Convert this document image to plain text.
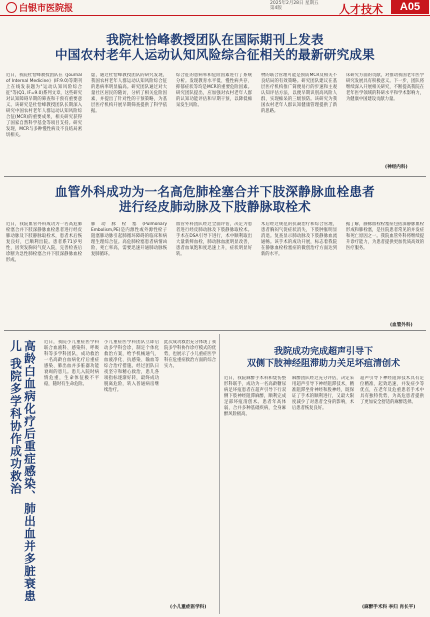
白银市医院报
2025年2月28日 星期五
第4版	人才技术	A05
我院杜恰峰教授团队在国际期刊上发表
中国农村老年人运动认知风险综合征相关的最新研究成果
近日，我院杜恰峰教授团队在《Journal of Internal Medicine》(IF:9.0)等期刊上在线发表题为"运动认知风险综合征"等(Q1, IF=9.0)系列文章，这些研究对认知障碍早期的筛查和干预有重要意义。该研究是杜恰峰教授团队长期深入研究中国农村老年人群运动认知风险综合征(MCR)的重要成果，相关研究获得了国家自然科学基金等项目支持。研究发现，MCR与多种慢性病及不良结局密切相关。
虚，通过杜恰峰教授团队的研究发现，我国农村老年人群运动认知风险综合征的患病率明显偏高。研究团队通过对大量社区居民的随访，分析了相关危险因素，并提出了针对性的干预策略，为基层医疗机构开展早期筛查提供了科学依据。
综合征的患病率和危险因素进行了系统分析。发现教育水平低、慢性病共存、抑郁症状等均是MCR的重要危险因素。研究团队提出，应加强对农村老年人群的认知功能评估和早期干预，以降低痴呆发生风险。
物的联合管理可能是预防MCR及相关不良结局的有效策略。研究团队建议在基层医疗机构推广简便易行的步速和主观认知评估方法，以便早期识别高风险人群，实现痴呆的三级预防。该研究为我国农村老年人群认知健康管理提供了新的思路。
床研究方面的贡献，对推动我国老年医学研究发展具有积极意义。下一步，团队将继续深入开展相关研究，不断提高我院在老年医学领域的科研水平和学术影响力，为健康中国建设贡献力量。
(神经内科)
血管外科成功为一名高危肺栓塞合并下肢深静脉血栓患者
进行经皮肺动脉及下肢静脉取栓术
近日，我院血管外科成功为一名高危肺栓塞合并下肢深静脉血栓患者进行经皮肺动脉及下肢静脉取栓术，患者术后恢复良好，已顺利出院。患者系71岁男性，因突发胸闷气促入院，完善检查后诊断为急性肺栓塞合并下肢深静脉血栓形成。
肺动脉栓塞(Pulmonary Embolism,PE)是内源性或外源性栓子阻塞肺动脉引起肺循环障碍的临床和病理生理综合征。高危肺栓塞患者病情凶险，死亡率高，需要迅速开通肺动脉恢复肺循环。
血管外科团队经过全面评估，决定为患者进行经皮肺动脉及下肢静脉取栓术。手术在DSA引导下进行，术中顺利取出大量新鲜血栓，肺动脉血流明显改善，患者血氧饱和度迅速上升，症状明显好转。
术后经过规范的抗凝治疗和综合管理，患者胸闷气促症状消失，下肢肿胀明显消退。复查显示肺动脉及下肢静脉血流通畅。该手术的成功开展，标志着我院在静脉血栓栓塞症的微创治疗方面达到新的水平。
据了解，静脉血栓栓塞症包括深静脉血栓形成和肺栓塞，是住院患者常见的并发症和死亡原因之一。我院血管外科将继续提升诊疗能力，为患者提供更加优质高效的医疗服务。
(血管外科)
高龄白血病化疗后重症感染、肺出血并多脏衰患儿 我院多学科协作成功救治	近日，我院小儿重症医学科联合血液科、感染科、呼吸科等多学科团队，成功救治一名高龄白血病化疗后重症感染、肺出血并多脏器功能衰竭的患儿。患儿入院时病情危重，生命体征极不平稳，随时有生命危险。
小儿重症医学科团队立即启动多学科会诊，制定个体化救治方案，给予机械通气、血液净化、抗感染、输血等综合治疗措施。经过团队日夜坚守和精心救治，患儿各项指标逐渐好转，最终成功脱离危险，转入普通病房继续治疗。
此次成功救治充分体现了我院多学科协作诊疗模式的优势，也展示了小儿重症医学科在危重症救治方面的综合实力。
(小儿重症医学科)
我院成功完成超声引导下
双侧下肢神经阻滞助力关足坏疽清创术
近日，我院麻醉手术科和烧伤整形科联手，成功为一名高龄糖尿病足坏疽患者在超声引导下行双侧下肢神经阻滞麻醉，顺利完成足部坏疽清创术。患者年高体弱，合并多种基础疾病，全身麻醉风险极高。
麻醉团队经过充分评估，决定采用超声引导下神经阻滞技术，精准阻滞坐骨神经和股神经，既保证了手术的顺利进行，又最大限度减少了对患者全身的影响，术后患者恢复良好。
超声引导下神经阻滞技术具有定位精准、起效迅速、并发症少等优点，在老年及危重患者手术中具有独特优势，为高危患者提供了更加安全舒适的麻醉选择。
(麻醉手术科 李归 肖长平)
